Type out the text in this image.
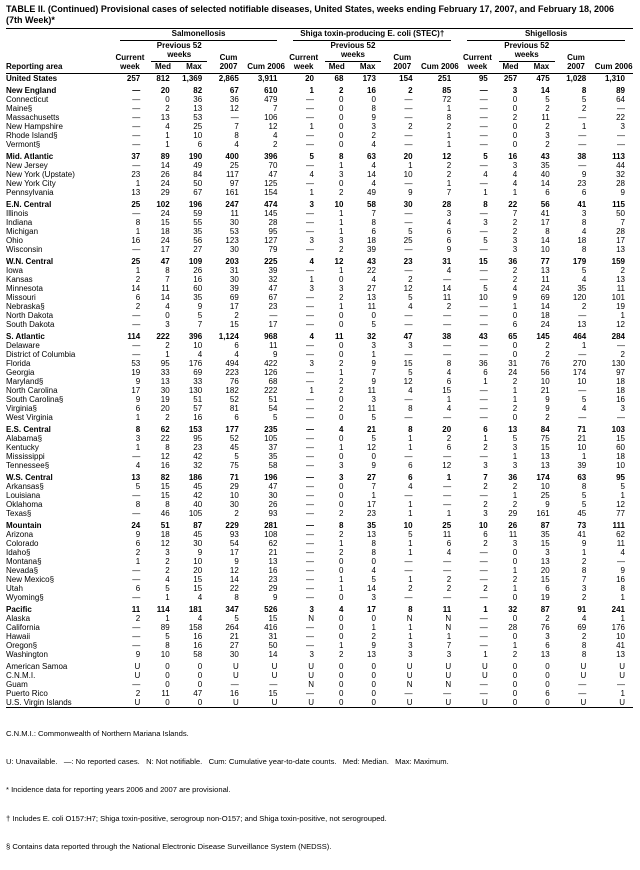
TABLE II. (Continued) Provisional cases of selected notifiable diseases, United States, weeks ending February 17, 2007, and February 18, 2006 (7th Week)*
Reporting area	Salmonellosis					Shiga toxin-producing E. coli (STEC)†					Shigellosis				

	Current week	Previous 52 weeks		Cum 2007	Cum 2006	Current week	Previous 52 weeks		Cum 2007	Cum 2006	Current week	Previous 52 weeks		Cum 2007	Cum 2006
		Med	Max				Med	Max				Med	Max		
United States	257	812	1,369	2,865	3,911	20	68	173	154	251	95	257	475	1,028	1,310

New England	—	20	82	67	610	1	2	16	2	85	—	3	14	8	89
Connecticut	—	0	36	36	479	—	0	0	—	72	—	0	5	5	64
Maine§	—	2	13	12	7	—	0	8	—	1	—	0	2	2	—
Massachusetts	—	13	53	—	106	—	0	9	—	8	—	2	11	—	22
New Hampshire	—	4	25	7	12	1	0	3	2	2	—	0	2	1	3
Rhode Island§	—	1	10	8	4	—	0	2	—	1	—	0	3	—	—
Vermont§	—	1	6	4	2	—	0	4	—	1	—	0	2	—	—

Mid. Atlantic	37	89	190	400	396	5	8	63	20	12	5	16	43	38	113
New Jersey	—	14	49	25	70	—	1	4	1	2	—	3	35	—	44
New York (Upstate)	23	26	84	117	47	4	3	14	10	2	4	4	40	9	32
New York City	1	24	50	97	125	—	0	4	—	1	—	4	14	23	28
Pennsylvania	13	29	67	161	154	1	2	49	9	7	1	1	6	6	9

E.N. Central	25	102	196	247	474	3	10	58	30	28	8	22	56	41	115
Illinois	—	24	59	11	145	—	1	7	—	3	—	7	41	3	50
Indiana	8	15	55	30	28	—	1	8	—	4	3	2	17	8	7
Michigan	1	18	35	53	95	—	1	6	5	6	—	2	8	4	28
Ohio	16	24	56	123	127	3	3	18	25	6	5	3	14	18	17
Wisconsin	—	17	27	30	79	—	2	39	—	9	—	3	10	8	13

W.N. Central	25	47	109	203	225	4	12	43	23	31	15	36	77	179	159
Iowa	1	8	26	31	39	—	1	22	—	4	—	2	13	5	2
Kansas	2	7	16	30	32	1	0	4	2	—	—	2	11	4	13
Minnesota	14	11	60	39	47	3	3	27	12	14	5	4	24	35	11
Missouri	6	14	35	69	67	—	2	13	5	11	10	9	69	120	101
Nebraska§	2	4	9	17	23	—	1	11	4	2	—	1	14	2	19
North Dakota	—	0	5	2	—	—	0	0	—	—	—	0	18	—	1
South Dakota	—	3	7	15	17	—	0	5	—	—	—	6	24	13	12

S. Atlantic	114	222	396	1,124	968	4	11	32	47	38	43	65	145	464	284
Delaware	—	2	10	6	11	—	0	3	3	—	—	0	2	1	—
District of Columbia	—	1	4	4	9	—	0	1	—	—	—	0	2	—	2
Florida	53	95	176	494	422	3	2	9	15	8	36	31	76	270	130
Georgia	19	33	69	223	126	—	1	7	5	4	6	24	56	174	97
Maryland§	9	13	33	76	68	—	2	9	12	6	1	2	10	10	18
North Carolina	17	30	130	182	222	1	2	11	4	15	—	1	21	—	18
South Carolina§	9	19	51	52	51	—	0	3	—	1	—	1	9	5	16
Virginia§	6	20	57	81	54	—	2	11	8	4	—	2	9	4	3
West Virginia	1	2	16	6	5	—	0	5	—	—	—	0	2	—	—

E.S. Central	8	62	153	177	235	—	4	21	8	20	6	13	84	71	103
Alabama§	3	22	95	52	105	—	0	5	1	2	1	5	75	21	15
Kentucky	1	8	23	45	37	—	1	12	1	6	2	3	15	10	60
Mississippi	—	12	42	5	35	—	0	0	—	—	—	1	13	1	18
Tennessee§	4	16	32	75	58	—	3	9	6	12	3	3	13	39	10

W.S. Central	13	82	186	71	196	—	3	27	6	1	7	36	174	63	95
Arkansas§	5	15	45	29	47	—	0	7	4	—	2	2	10	8	5
Louisiana	—	15	42	10	30	—	0	1	—	—	—	1	25	5	1
Oklahoma	8	8	40	30	26	—	0	17	1	—	2	2	9	5	12
Texas§	—	46	105	2	93	—	2	23	1	1	3	29	161	45	77

Mountain	24	51	87	229	281	—	8	35	10	25	10	26	87	73	111
Arizona	9	18	45	93	108	—	2	13	5	11	6	11	35	41	62
Colorado	6	12	30	54	62	—	1	8	1	6	2	3	15	9	11
Idaho§	2	3	9	17	21	—	2	8	1	4	—	0	3	1	4
Montana§	1	2	10	9	13	—	0	0	—	—	—	0	13	2	—
Nevada§	—	2	20	12	16	—	0	4	—	—	—	1	20	8	9
New Mexico§	—	4	15	14	23	—	1	5	1	2	—	2	15	7	16
Utah	6	5	15	22	29	—	1	14	2	2	2	1	6	3	8
Wyoming§	—	1	4	8	9	—	0	3	—	—	—	0	19	2	1

Pacific	11	114	181	347	526	3	4	17	8	11	1	32	87	91	241
Alaska	2	1	4	5	15	N	0	0	N	N	—	0	2	4	1
California	—	89	158	264	416	—	0	1	1	N	—	28	76	69	176
Hawaii	—	5	16	21	31	—	0	2	1	1	—	0	3	2	10
Oregon§	—	8	16	27	50	—	1	9	3	7	—	1	6	8	41
Washington	9	10	58	30	14	3	2	13	3	3	1	2	13	8	13

American Samoa	U	0	0	U	U	U	0	0	U	U	U	0	0	U	U
C.N.M.I.	U	0	0	U	U	U	0	0	U	U	U	0	0	U	U
Guam	—	0	0	—	—	N	0	0	N	N	—	0	0	—	—
Puerto Rico	2	11	47	16	15	—	0	0	—	—	—	0	6	—	1
U.S. Virgin Islands	U	0	0	U	U	U	0	0	U	U	U	0	0	U	U

C.N.M.I.: Commonwealth of Northern Mariana Islands.

U: Unavailable.   —: No reported cases.   N: Not notifiable.   Cum: Cumulative year-to-date counts.   Med: Median.   Max: Maximum.

* Incidence data for reporting years 2006 and 2007 are provisional.

† Includes E. coli O157:H7; Shiga toxin-positive, serogroup non-O157; and Shiga toxin-positive, not serogrouped.

§ Contains data reported through the National Electronic Disease Surveillance System (NEDSS).
